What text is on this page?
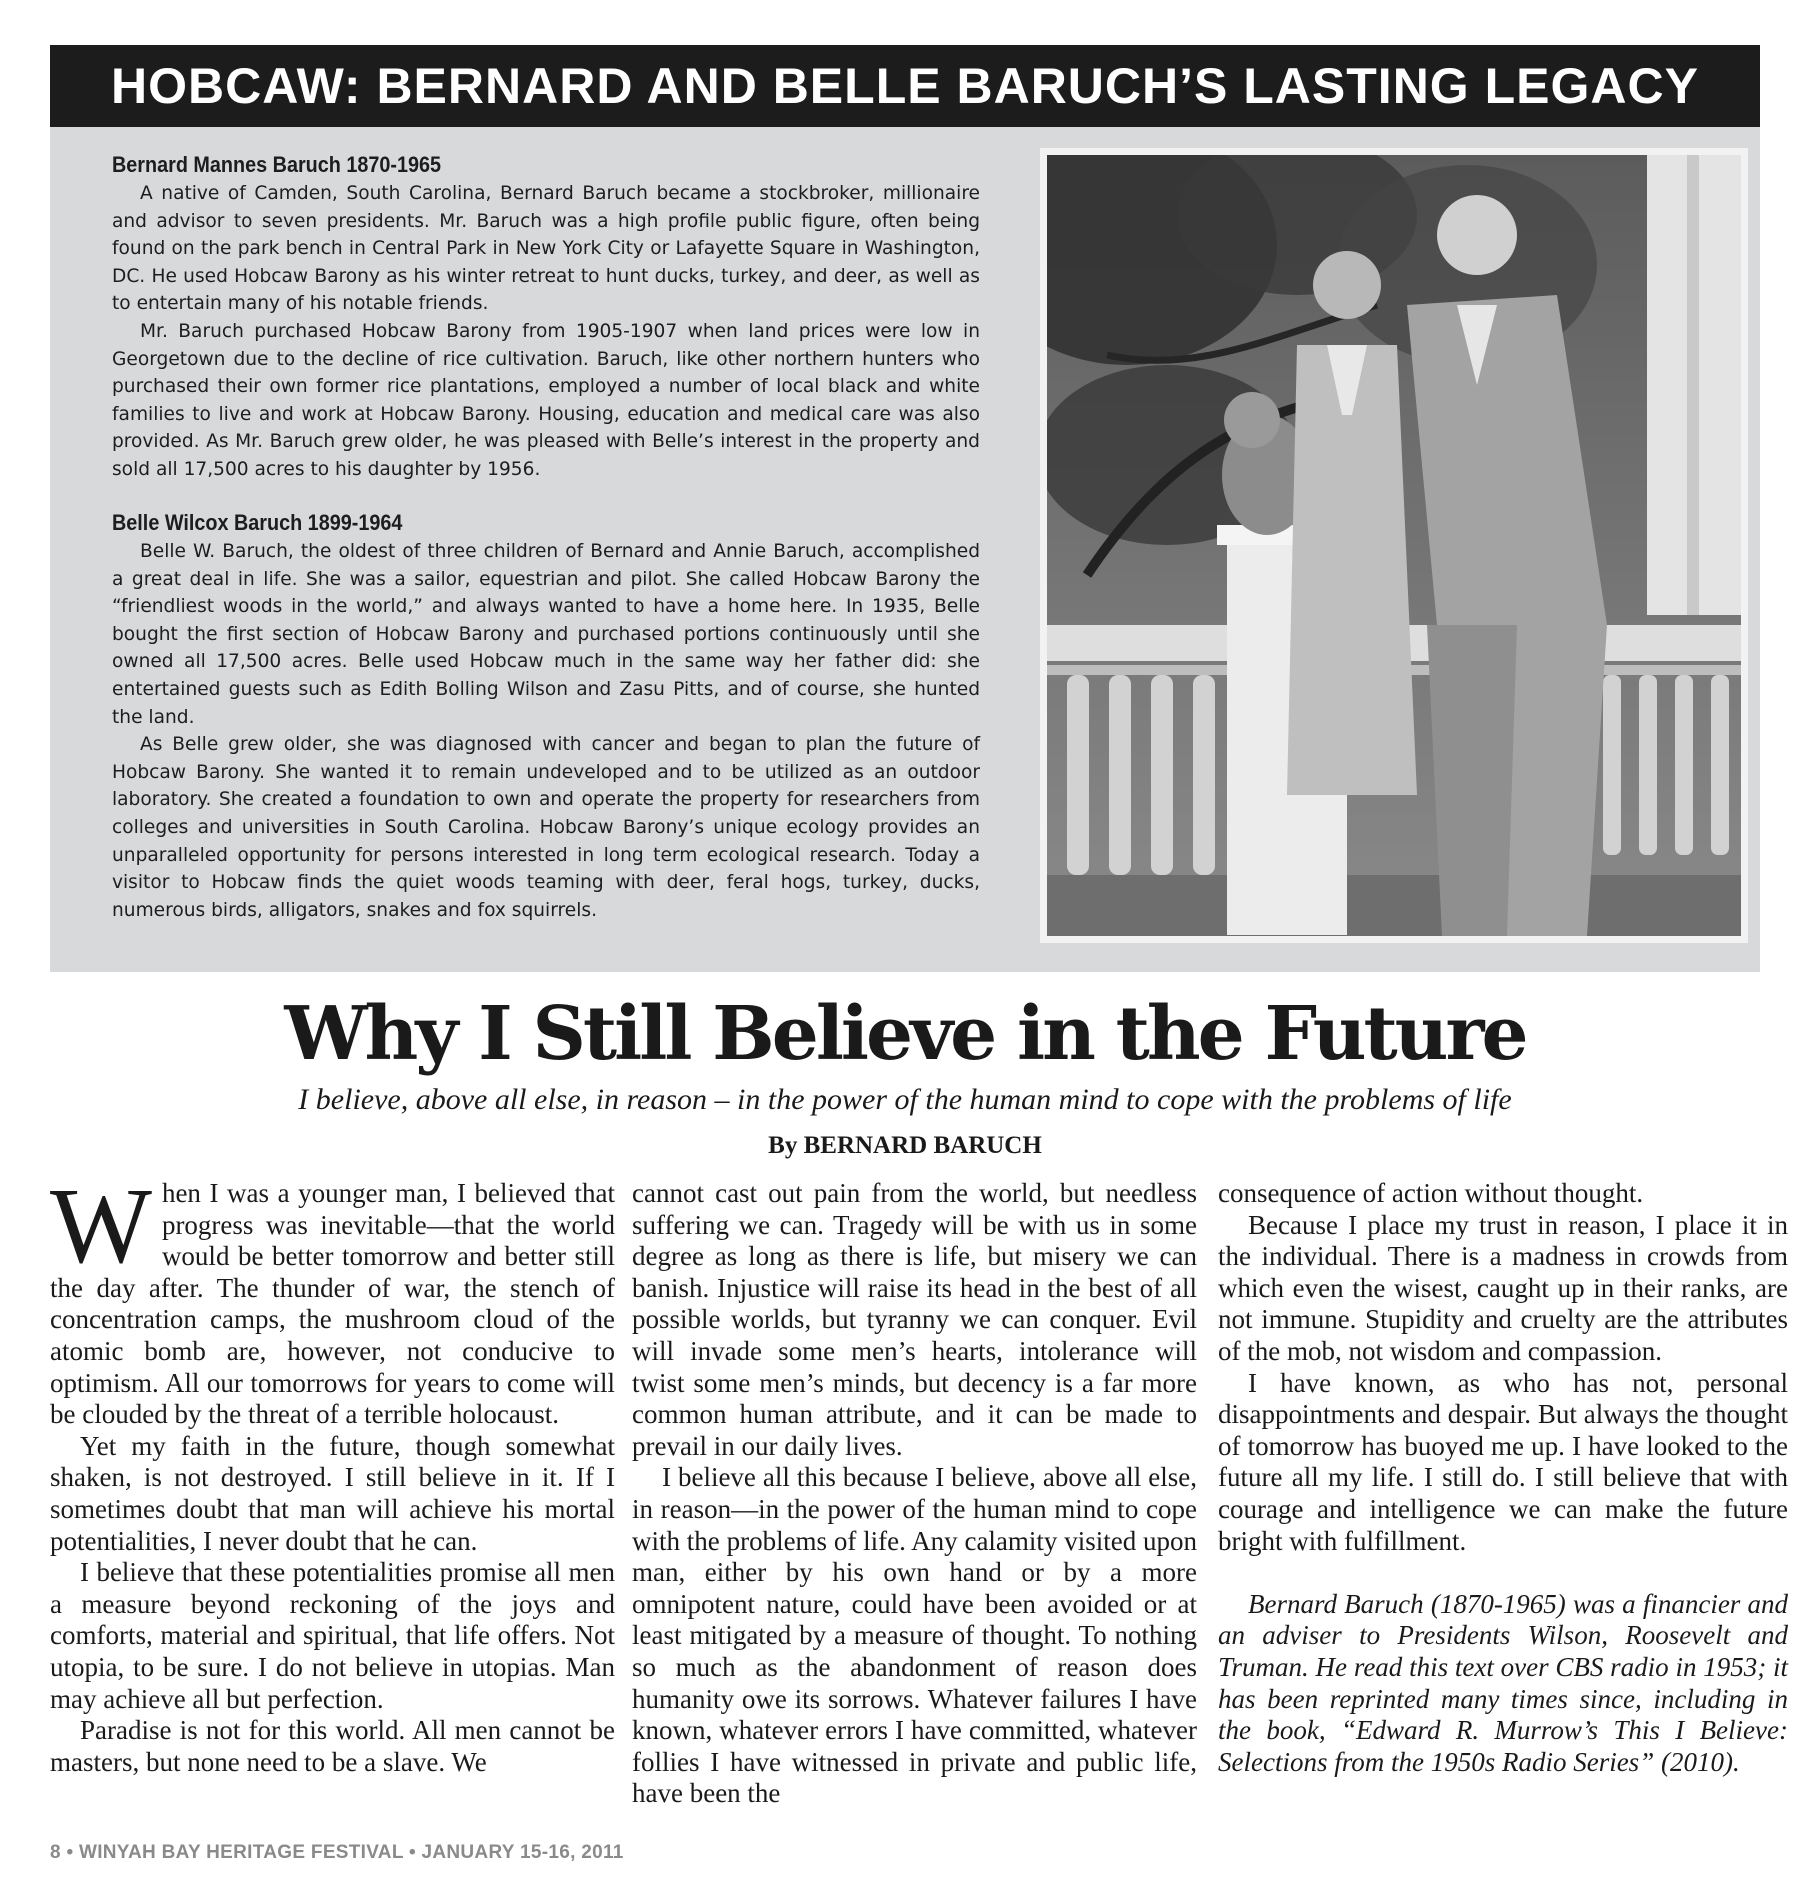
HOBCAW: BERNARD AND BELLE BARUCH’S LASTING LEGACY
Bernard Mannes Baruch 1870-1965

A native of Camden, South Carolina, Bernard Baruch became a stockbroker, millionaire and advisor to seven presidents. Mr. Baruch was a high profile public figure, often being found on the park bench in Central Park in New York City or Lafayette Square in Washington, DC. He used Hobcaw Barony as his winter retreat to hunt ducks, turkey, and deer, as well as to entertain many of his notable friends.

Mr. Baruch purchased Hobcaw Barony from 1905-1907 when land prices were low in Georgetown due to the decline of rice cultivation. Baruch, like other northern hunters who purchased their own former rice plantations, employed a number of local black and white families to live and work at Hobcaw Barony. Housing, education and medical care was also provided. As Mr. Baruch grew older, he was pleased with Belle’s interest in the property and sold all 17,500 acres to his daughter by 1956.

Belle Wilcox Baruch 1899-1964

Belle W. Baruch, the oldest of three children of Bernard and Annie Baruch, accomplished a great deal in life. She was a sailor, equestrian and pilot. She called Hobcaw Barony the “friendliest woods in the world,” and always wanted to have a home here. In 1935, Belle bought the first section of Hobcaw Barony and purchased portions continuously until she owned all 17,500 acres. Belle used Hobcaw much in the same way her father did: she entertained guests such as Edith Bolling Wilson and Zasu Pitts, and of course, she hunted the land.

As Belle grew older, she was diagnosed with cancer and began to plan the future of Hobcaw Barony. She wanted it to remain undeveloped and to be utilized as an outdoor laboratory. She created a foundation to own and operate the property for researchers from colleges and universities in South Carolina. Hobcaw Barony’s unique ecology provides an unparalleled opportunity for persons interested in long term ecological research. Today a visitor to Hobcaw finds the quiet woods teaming with deer, feral hogs, turkey, ducks, numerous birds, alligators, snakes and fox squirrels.

Why I Still Believe in the Future
I believe, above all else, in reason – in the power of the human mind to cope with the problems of life
By BERNARD BARUCH

When I was a younger man, I believed that progress was inevitable—that the world would be better tomorrow and better still the day after. The thunder of war, the stench of concentration camps, the mushroom cloud of the atomic bomb are, however, not conducive to optimism. All our tomorrows for years to come will be clouded by the threat of a terrible holocaust.

Yet my faith in the future, though somewhat shaken, is not destroyed. I still believe in it. If I sometimes doubt that man will achieve his mortal potentialities, I never doubt that he can.

I believe that these potentialities promise all men a measure beyond reckoning of the joys and comforts, material and spiritual, that life offers. Not utopia, to be sure. I do not believe in utopias. Man may achieve all but perfection.

Paradise is not for this world. All men cannot be masters, but none need to be a slave. We

cannot cast out pain from the world, but needless suffering we can. Tragedy will be with us in some degree as long as there is life, but misery we can banish. Injustice will raise its head in the best of all possible worlds, but tyranny we can conquer. Evil will invade some men’s hearts, intolerance will twist some men’s minds, but decency is a far more common human attribute, and it can be made to prevail in our daily lives.

I believe all this because I believe, above all else, in reason—in the power of the human mind to cope with the problems of life. Any calamity visited upon man, either by his own hand or by a more omnipotent nature, could have been avoided or at least mitigated by a measure of thought. To nothing so much as the abandonment of reason does humanity owe its sorrows. Whatever failures I have known, whatever errors I have committed, whatever follies I have witnessed in private and public life, have been the

consequence of action without thought.

Because I place my trust in reason, I place it in the individual. There is a madness in crowds from which even the wisest, caught up in their ranks, are not immune. Stupidity and cruelty are the attributes of the mob, not wisdom and compassion.

I have known, as who has not, personal disappointments and despair. But always the thought of tomorrow has buoyed me up. I have looked to the future all my life. I still do. I still believe that with courage and intelligence we can make the future bright with fulfillment.

Bernard Baruch (1870-1965) was a financier and an adviser to Presidents Wilson, Roosevelt and Truman. He read this text over CBS radio in 1953; it has been reprinted many times since, including in the book, “Edward R. Murrow’s This I Believe: Selections from the 1950s Radio Series” (2010).

8 • WINYAH BAY HERITAGE FESTIVAL • JANUARY 15-16, 2011
